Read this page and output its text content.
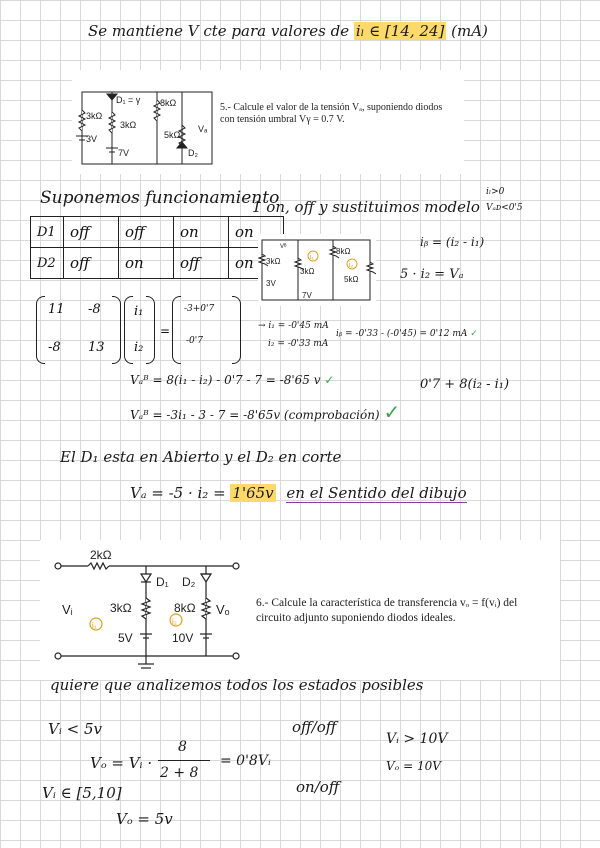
Se mantiene V cte para valores de iₗ ∈ [14, 24] (mA)
D₁ = γ 8kΩ
3kΩ
3kΩ
5kΩ
3V
7V	D₂
Vₐ
5.- Calcule el valor de la tensión Vₐ, suponiendo diodos con tensión umbral Vγ = 0.7 V.
Suponemos funcionamiento
D1	off	off	on	on
D2	off	on	off	on
1 on, off y sustituimos modelo
iₗ>0
Vₐᴅ<0'5
3kΩ
8kΩ
3kΩ
5kΩ
3V
7V
Vᴮ
i₁
i₂
iᵦ = (i₂ - i₁)
5 · i₂ = Vₐ
11 -8
-8 13
i₁
i₂
=
-3+0'7
-0'7
→ i₁ = -0'45 mA
i₂ = -0'33 mA
iᵦ = -0'33 - (-0'45) = 0'12 mA ✓
Vₐᴮ = 8(i₁ - i₂) - 0'7 - 7 = -8'65 v ✓	0'7 + 8(i₂ - i₁)
Vₐᴮ = -3i₁ - 3 - 7 = -8'65v (comprobación) ✓
El D₁ esta en Abierto y el D₂ en corte
Vₐ = -5 · i₂ = 1'65v en el Sentido del dibujo
2kΩ
D₁ D₂
Vᵢ	3kΩ	8kΩ Vₒ
5V	10V
i₁	i₂
6.- Calcule la característica de transferencia vₒ = f(vᵢ) del circuito adjunto suponiendo diodos ideales.
quiere que analizemos todos los estados posibles
Vᵢ < 5v	off/off
Vₒ = Vᵢ ·
8
2 + 8
= 0'8Vᵢ
Vᵢ > 10V
Vₒ = 10V
on/off
Vᵢ ∈ [5,10]
Vₒ = 5v
